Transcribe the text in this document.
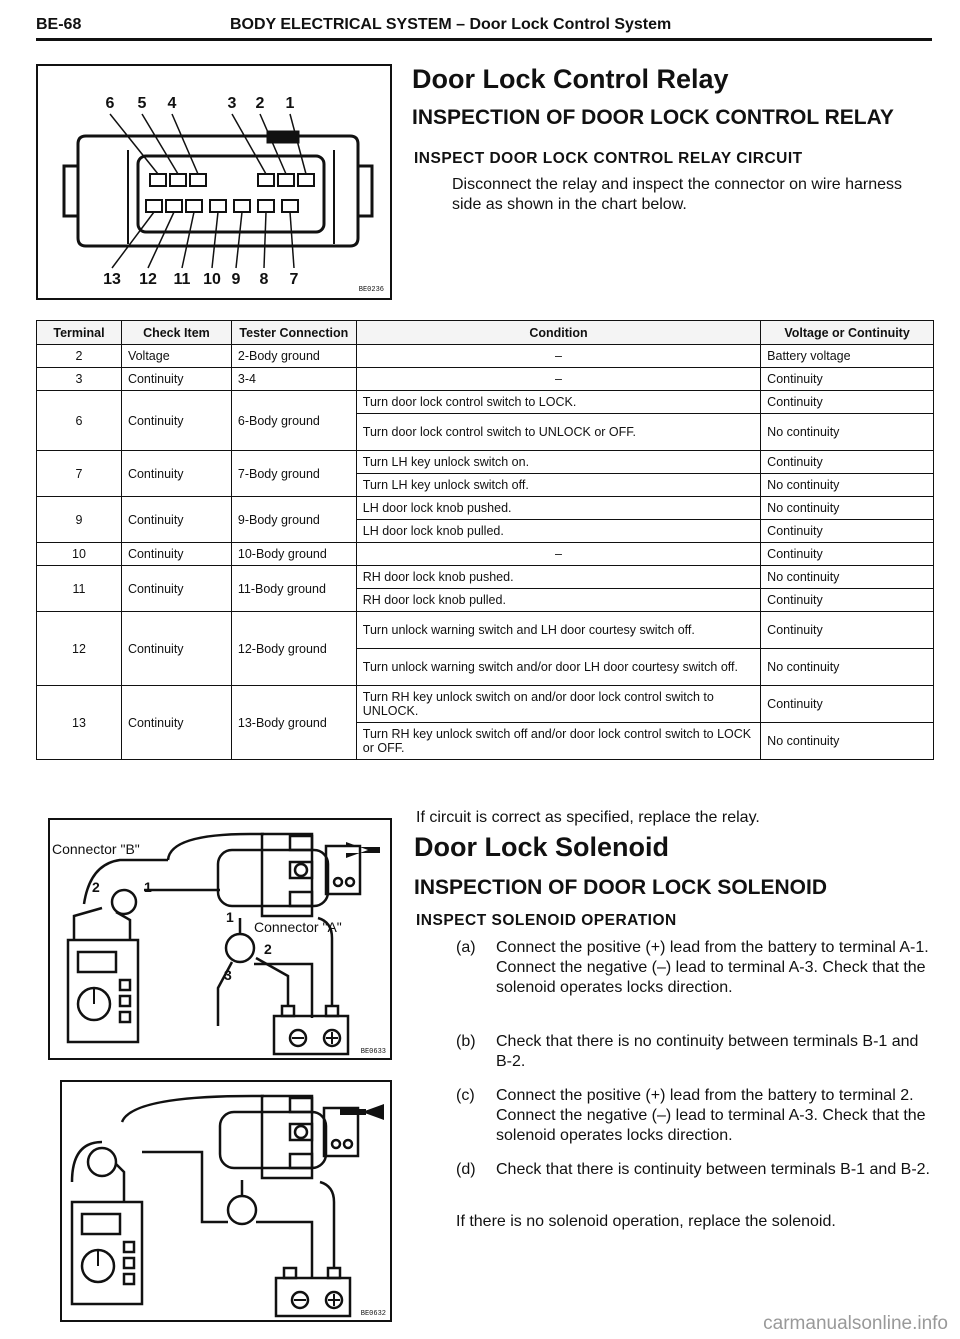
BE-68	BODY ELECTRICAL SYSTEM – Door Lock Control System
6 5 4	3 2 1
13 12 11 10 9 8 7
BE0236
Door Lock Control Relay
INSPECTION OF DOOR LOCK CONTROL RELAY
INSPECT DOOR LOCK CONTROL RELAY CIRCUIT
Disconnect the relay and inspect the connector on wire harness side as shown in the chart below.
Terminal	Check Item	Tester Connection	Condition	Voltage or Continuity
2	Voltage	2-Body ground	–	Battery voltage
3	Continuity	3-4	–	Continuity
6	Continuity	6-Body ground	Turn door lock control switch to LOCK.	Continuity
			Turn door lock control switch to UNLOCK or OFF.	No continuity
7	Continuity	7-Body ground	Turn LH key unlock switch on.	Continuity
			Turn LH key unlock switch off.	No continuity
9	Continuity	9-Body ground	LH door lock knob pushed.	No continuity
			LH door lock knob pulled.	Continuity
10	Continuity	10-Body ground	–	Continuity
11	Continuity	11-Body ground	RH door lock knob pushed.	No continuity
			RH door lock knob pulled.	Continuity
12	Continuity	12-Body ground	Turn unlock warning switch and LH door courtesy switch off.	Continuity
			Turn unlock warning switch and/or door LH door courtesy switch off.	No continuity
13	Continuity	13-Body ground	Turn RH key unlock switch on and/or door lock control switch to UNLOCK.	Continuity
			Turn RH key unlock switch off and/or door lock control switch to LOCK or OFF.	No continuity
If circuit is correct as specified, replace the relay.
Connector "B"
2	1
1
Connector "A"
2
3
BE0633
BE0632
Door Lock Solenoid
INSPECTION OF DOOR LOCK SOLENOID
INSPECT SOLENOID OPERATION
(a) Connect the positive (+) lead from the battery to terminal A-1. Connect the negative (–) lead to terminal A-3. Check that the solenoid operates locks direction.
(b) Check that there is no continuity between terminals B-1 and B-2.
(c) Connect the positive (+) lead from the battery to terminal 2. Connect the negative (–) lead to terminal A-3. Check that the solenoid operates locks direction.
(d) Check that there is continuity between terminals B-1 and B-2.
If there is no solenoid operation, replace the solenoid.
carmanualsonline.info
